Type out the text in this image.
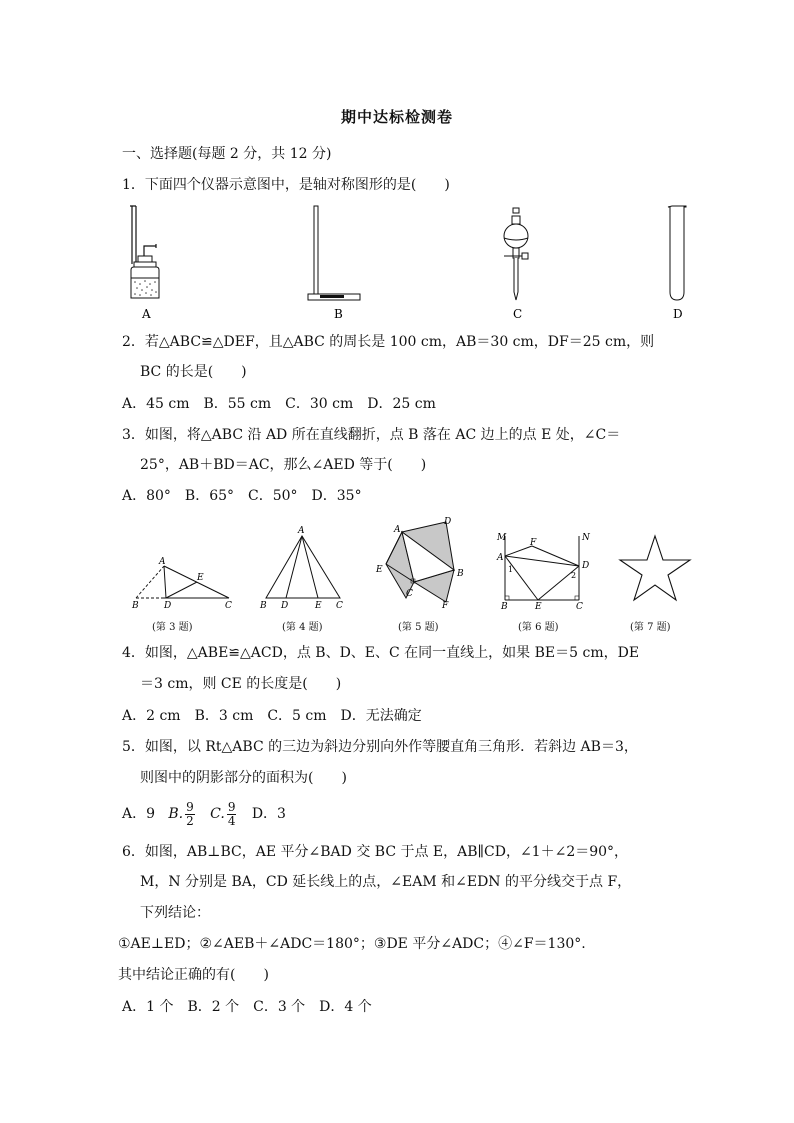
期中达标检测卷
一、选择题(每题 2 分，共 12 分)
1．下面四个仪器示意图中，是轴对称图形的是(　　)
A	B	C	D
2．若△ABC≌△DEF，且△ABC 的周长是 100 cm，AB＝30 cm，DF＝25 cm，则
BC 的长是(　　)
A．45 cm　B．55 cm　C．30 cm　D．25 cm
3．如图，将△ABC 沿 AD 所在直线翻折，点 B 落在 AC 边上的点 E 处，∠C＝
25°，AB＋BD＝AC，那么∠AED 等于(　　)
A．80°　B．65°　C．50°　D．35°
A
B	D
E
C
A
B D	E C
A
D
E	B
C
F
M	N
A
D
F
1
2
B	E	C
(第 3 题)	(第 4 题)	(第 5 题)	(第 6 题)	(第 7 题)
4．如图，△ABE≌△ACD，点 B、D、E、C 在同一直线上，如果 BE＝5 cm，DE
＝3 cm，则 CE 的长度是(　　)
A．2 cm　B．3 cm　C．5 cm　D．无法确定
5．如图，以 Rt△ABC 的三边为斜边分别向外作等腰直角三角形．若斜边 AB＝3，
则图中的阴影部分的面积为(　　)
A．9 B. $\frac{9}{2} C$. $\frac{9}{4}$ D．3
6．如图，AB⊥BC，AE 平分∠BAD 交 BC 于点 E，AB∥CD，∠1＋∠2＝90°，
M，N 分别是 BA，CD 延长线上的点，∠EAM 和∠EDN 的平分线交于点 F，
下列结论：
①AE⊥ED；②∠AEB＋∠ADC＝180°；③DE 平分∠ADC；④∠F＝130°.
其中结论正确的有(　　)
A．1 个　B．2 个　C．3 个　D．4 个
